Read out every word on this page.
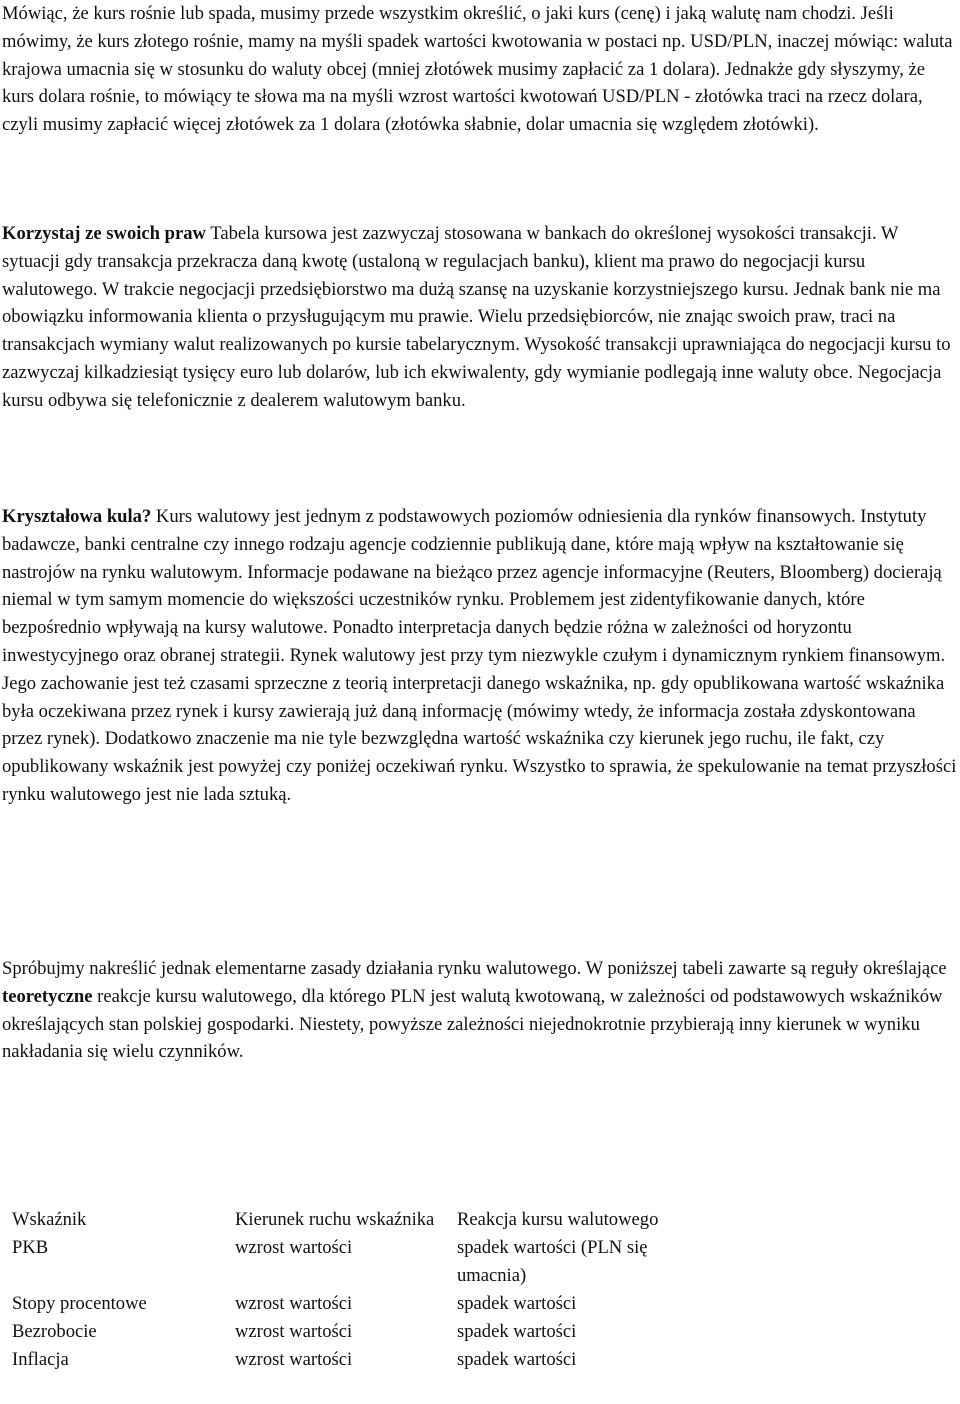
Mówiąc, że kurs rośnie lub spada, musimy przede wszystkim określić, o jaki kurs (cenę) i jaką walutę nam chodzi. Jeśli mówimy, że kurs złotego rośnie, mamy na myśli spadek wartości kwotowania w postaci np. USD/PLN, inaczej mówiąc: waluta krajowa umacnia się w stosunku do waluty obcej (mniej złotówek musimy zapłacić za 1 dolara). Jednakże gdy słyszymy, że kurs dolara rośnie, to mówiący te słowa ma na myśli wzrost wartości kwotowań USD/PLN - złotówka traci na rzecz dolara, czyli musimy zapłacić więcej złotówek za 1 dolara (złotówka słabnie, dolar umacnia się względem złotówki).

Korzystaj ze swoich praw Tabela kursowa jest zazwyczaj stosowana w bankach do określonej wysokości transakcji. W sytuacji gdy transakcja przekracza daną kwotę (ustaloną w regulacjach banku), klient ma prawo do negocjacji kursu walutowego. W trakcie negocjacji przedsiębiorstwo ma dużą szansę na uzyskanie korzystniejszego kursu. Jednak bank nie ma obowiązku informowania klienta o przysługującym mu prawie. Wielu przedsiębiorców, nie znając swoich praw, traci na transakcjach wymiany walut realizowanych po kursie tabelarycznym. Wysokość transakcji uprawniająca do negocjacji kursu to zazwyczaj kilkadziesiąt tysięcy euro lub dolarów, lub ich ekwiwalenty, gdy wymianie podlegają inne waluty obce. Negocjacja kursu odbywa się telefonicznie z dealerem walutowym banku.

Kryształowa kula? Kurs walutowy jest jednym z podstawowych poziomów odniesienia dla rynków finansowych. Instytuty badawcze, banki centralne czy innego rodzaju agencje codziennie publikują dane, które mają wpływ na kształtowanie się nastrojów na rynku walutowym. Informacje podawane na bieżąco przez agencje informacyjne (Reuters, Bloomberg) docierają niemal w tym samym momencie do większości uczestników rynku. Problemem jest zidentyfikowanie danych, które bezpośrednio wpływają na kursy walutowe. Ponadto interpretacja danych będzie różna w zależności od horyzontu inwestycyjnego oraz obranej strategii. Rynek walutowy jest przy tym niezwykle czułym i dynamicznym rynkiem finansowym. Jego zachowanie jest też czasami sprzeczne z teorią interpretacji danego wskaźnika, np. gdy opublikowana wartość wskaźnika była oczekiwana przez rynek i kursy zawierają już daną informację (mówimy wtedy, że informacja została zdyskontowana przez rynek). Dodatkowo znaczenie ma nie tyle bezwzględna wartość wskaźnika czy kierunek jego ruchu, ile fakt, czy opublikowany wskaźnik jest powyżej czy poniżej oczekiwań rynku. Wszystko to sprawia, że spekulowanie na temat przyszłości rynku walutowego jest nie lada sztuką.

Spróbujmy nakreślić jednak elementarne zasady działania rynku walutowego. W poniższej tabeli zawarte są reguły określające teoretyczne reakcje kursu walutowego, dla którego PLN jest walutą kwotowaną, w zależności od podstawowych wskaźników określających stan polskiej gospodarki. Niestety, powyższe zależności niejednokrotnie przybierają inny kierunek w wyniku nakładania się wielu czynników.

Wskaźnik	Kierunek ruchu wskaźnika	Reakcja kursu walutowego
PKB	wzrost wartości	spadek wartości (PLN się umacnia)
Stopy procentowe	wzrost wartości	spadek wartości
Bezrobocie	wzrost wartości	spadek wartości
Inflacja	wzrost wartości	spadek wartości
